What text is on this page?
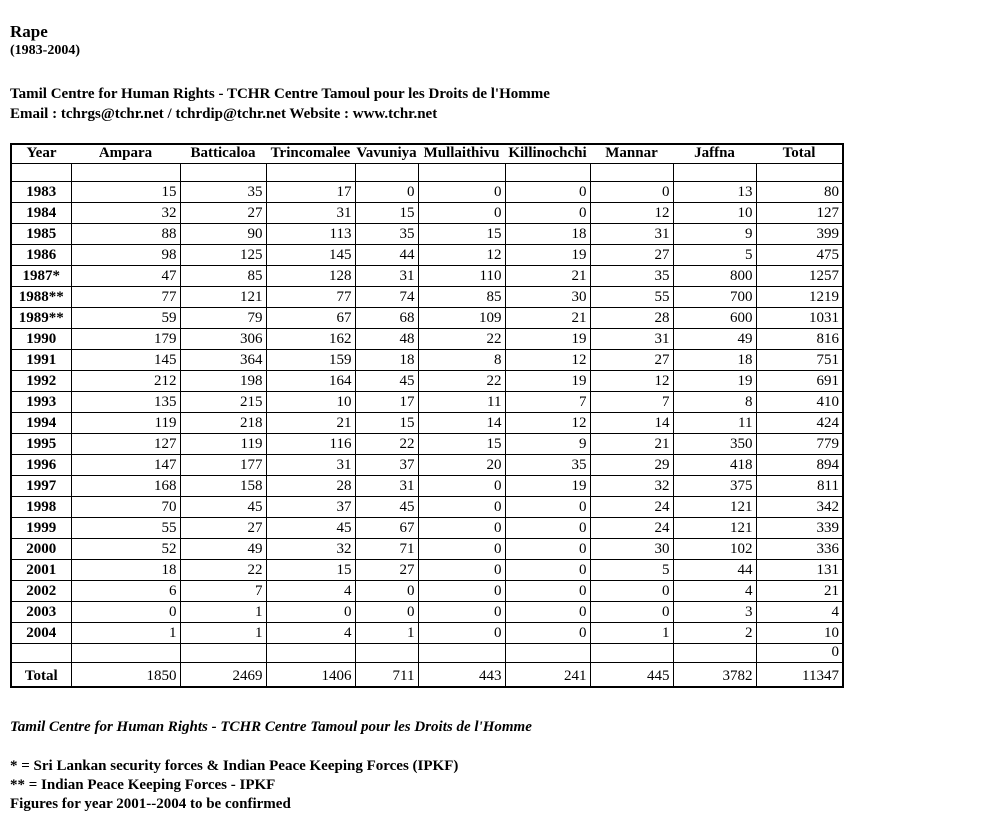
Rape
(1983-2004)
Tamil Centre for Human Rights - TCHR Centre Tamoul pour les Droits de l'Homme
Email : tchrgs@tchr.net / tchrdip@tchr.net Website : www.tchr.net
Year	Ampara	Batticaloa	Trincomalee	Vavuniya	Mullaithivu	Killinochchi	Mannar	Jaffna	Total

1983	15	35	17	0	0	0	0	13	80
1984	32	27	31	15	0	0	12	10	127
1985	88	90	113	35	15	18	31	9	399
1986	98	125	145	44	12	19	27	5	475
1987*	47	85	128	31	110	21	35	800	1257
1988**	77	121	77	74	85	30	55	700	1219
1989**	59	79	67	68	109	21	28	600	1031
1990	179	306	162	48	22	19	31	49	816
1991	145	364	159	18	8	12	27	18	751
1992	212	198	164	45	22	19	12	19	691
1993	135	215	10	17	11	7	7	8	410
1994	119	218	21	15	14	12	14	11	424
1995	127	119	116	22	15	9	21	350	779
1996	147	177	31	37	20	35	29	418	894
1997	168	158	28	31	0	19	32	375	811
1998	70	45	37	45	0	0	24	121	342
1999	55	27	45	67	0	0	24	121	339
2000	52	49	32	71	0	0	30	102	336
2001	18	22	15	27	0	0	5	44	131
2002	6	7	4	0	0	0	0	4	21
2003	0	1	0	0	0	0	0	3	4
2004	1	1	4	1	0	0	1	2	10
									0
Total	1850	2469	1406	711	443	241	445	3782	11347
Tamil Centre for Human Rights - TCHR Centre Tamoul pour les Droits de l'Homme
* = Sri Lankan security forces & Indian Peace Keeping Forces (IPKF)
** = Indian Peace Keeping Forces - IPKF
Figures for year 2001--2004 to be confirmed
